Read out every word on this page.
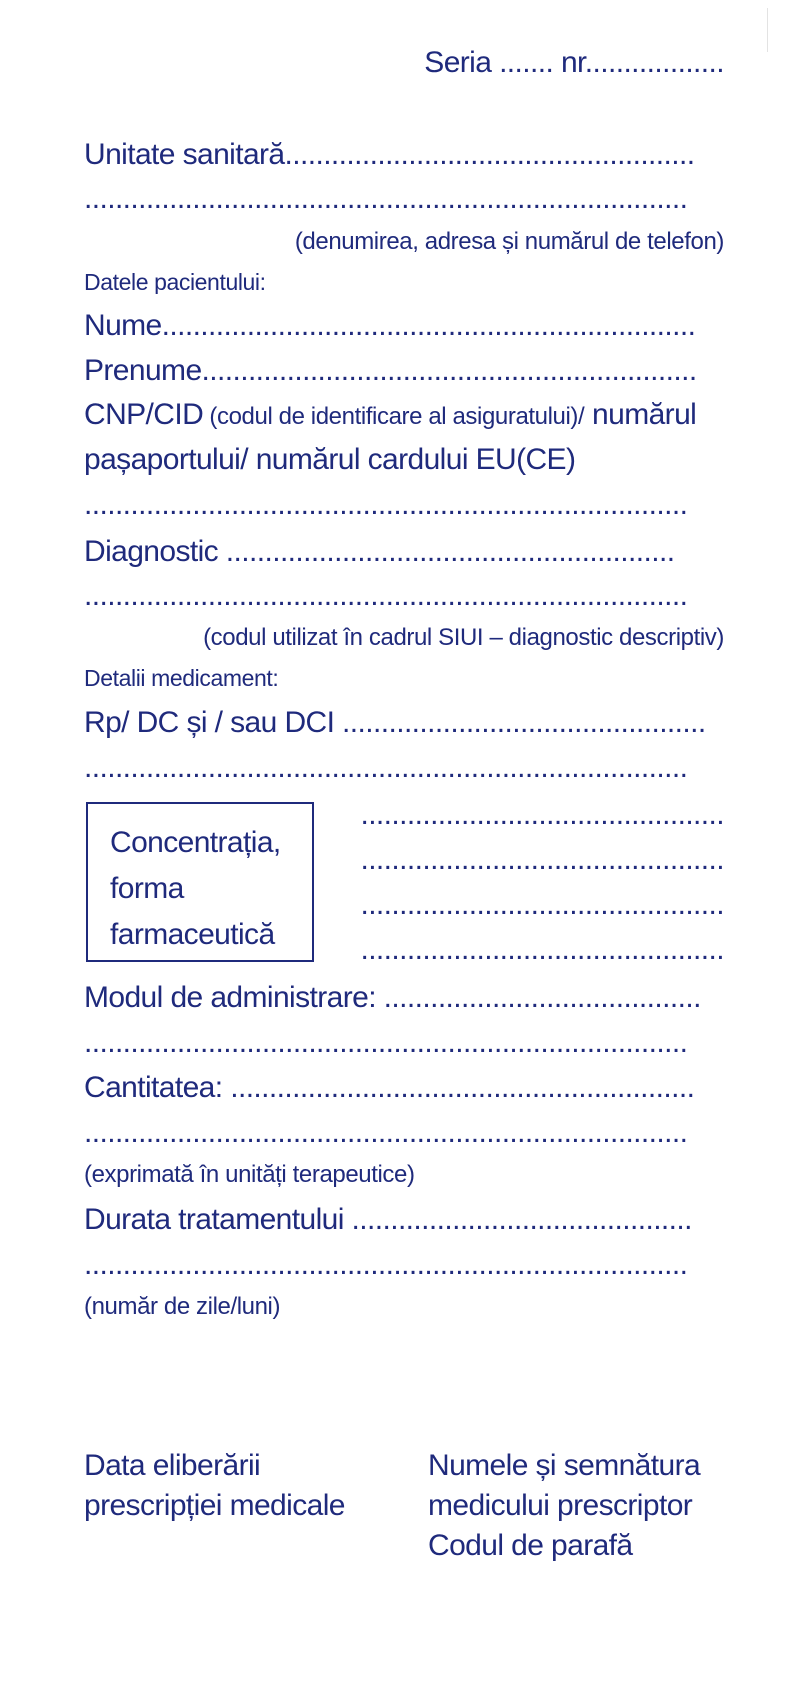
Seria ....... nr..................
Unitate sanitară.....................................................
..............................................................................
(denumirea, adresa și numărul de telefon)
Datele pacientului:
Nume.....................................................................
Prenume................................................................
CNP/CID (codul de identificare al asiguratului)/ numărul
pașaportului/ numărul cardului EU(CE)
..............................................................................
Diagnostic ..........................................................
..............................................................................
(codul utilizat în cadrul SIUI – diagnostic descriptiv)
Detalii medicament:
Rp/ DC și / sau DCI ...............................................
..............................................................................
Concentrația,
forma
farmaceutică
...............................................
...............................................
...............................................
...............................................
Modul de administrare: .........................................
..............................................................................
Cantitatea: ............................................................
..............................................................................
(exprimată în unități terapeutice)
Durata tratamentului ............................................
..............................................................................
(număr de zile/luni)
Data eliberării
prescripției medicale
Numele și semnătura
medicului prescriptor
Codul de parafă
